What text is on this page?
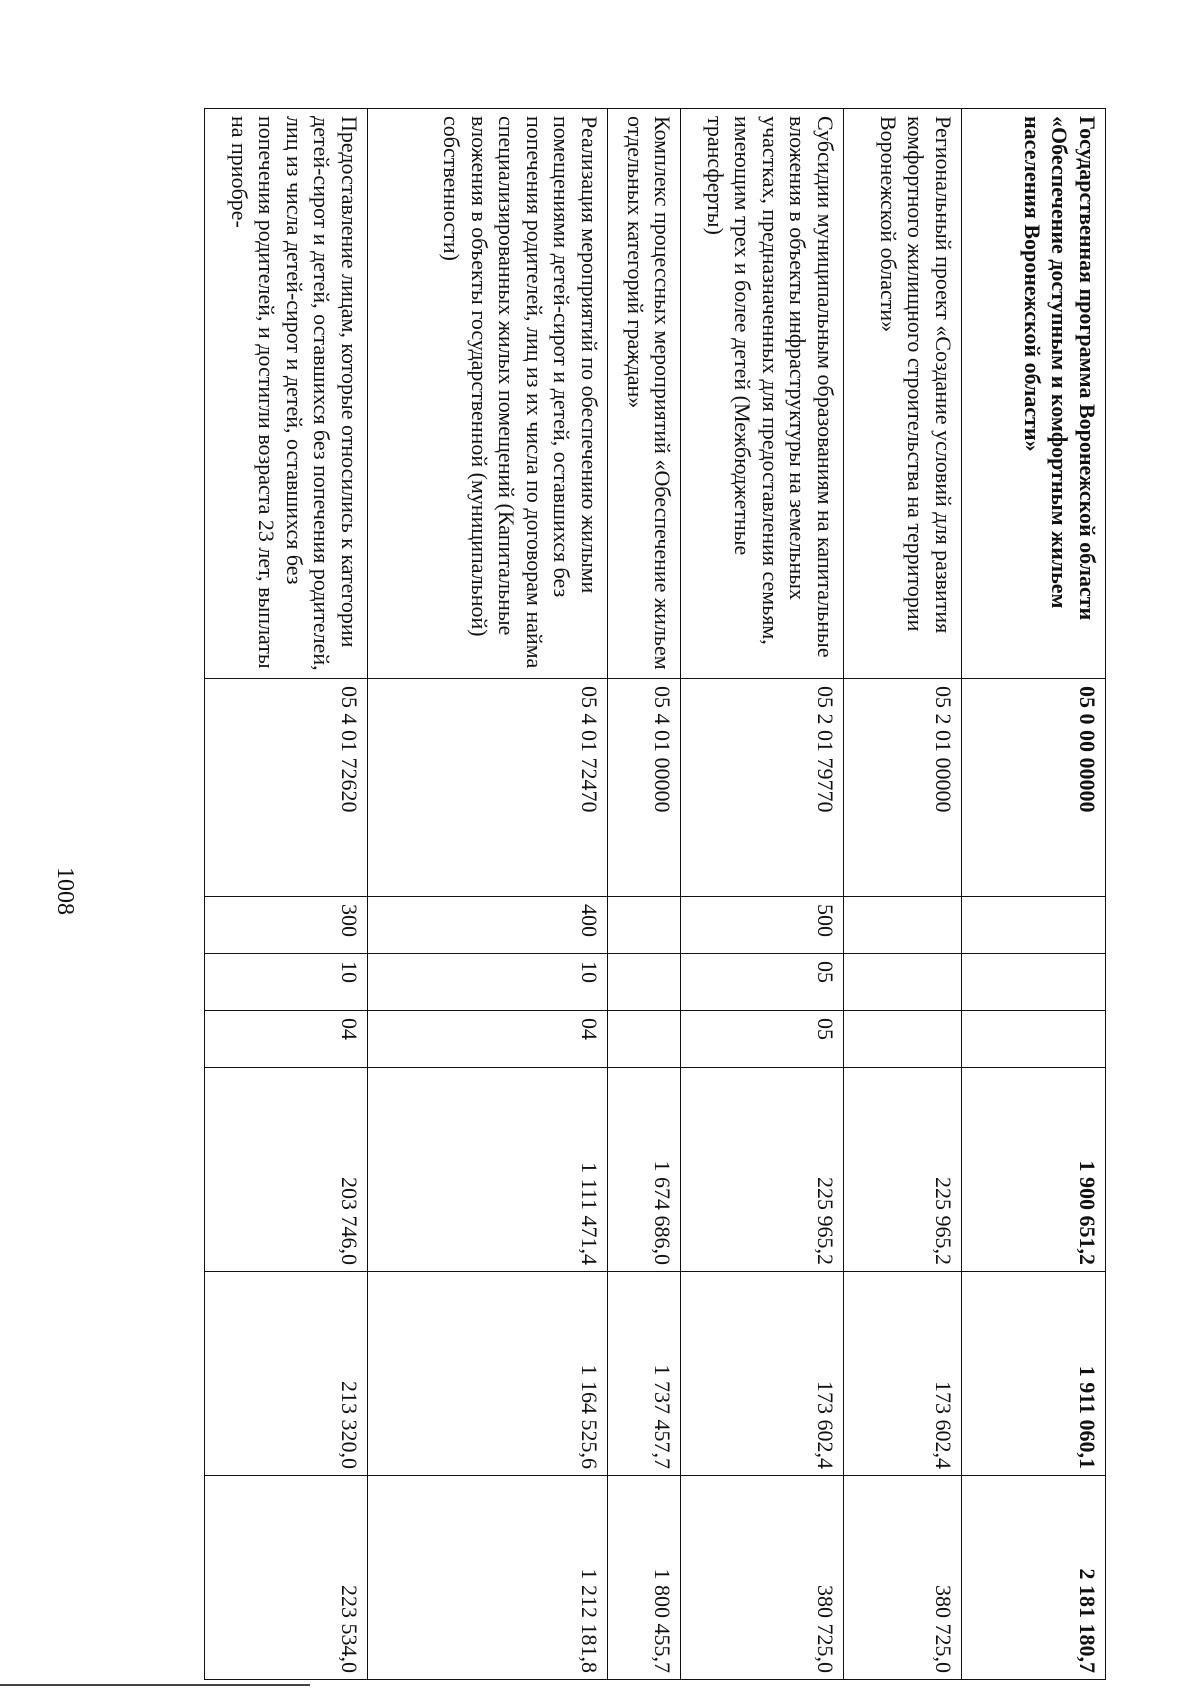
1008
Государственная программа Воронежской области «Обеспечение доступным и комфортным жильем населения Воронежской области»	05 0 00 00000				1 900 651,2	1 911 060,1	2 181 180,7
Региональный проект «Создание условий для развития комфортного жилищного строительства на территории Воронежской области»	05 2 01 00000				225 965,2	173 602,4	380 725,0
Субсидии муниципальным образованиям на капитальные вложения в объекты инфраструктуры на земельных участках, предназначенных для предоставления семьям, имеющим трех и более детей (Межбюджетные трансферты)	05 2 01 79770	500	05	05	225 965,2	173 602,4	380 725,0
Комплекс процессных мероприятий «Обеспечение жильем отдельных категорий граждан»	05 4 01 00000				1 674 686,0	1 737 457,7	1 800 455,7
Реализация мероприятий по обеспечению жилыми помещениями детей-сирот и детей, оставшихся без попечения родителей, лиц из их числа по договорам найма специализированных жилых помещений (Капитальные вложения в объекты государственной (муниципальной) собственности)	05 4 01 72470	400	10	04	1 111 471,4	1 164 525,6	1 212 181,8
Предоставление лицам, которые относились к категории детей-сирот и детей, оставшихся без попечения родителей, лиц из числа детей-сирот и детей, оставшихся без попечения родителей, и достигли возраста 23 лет, выплаты на приобре-	05 4 01 72620	300	10	04	203 746,0	213 320,0	223 534,0
